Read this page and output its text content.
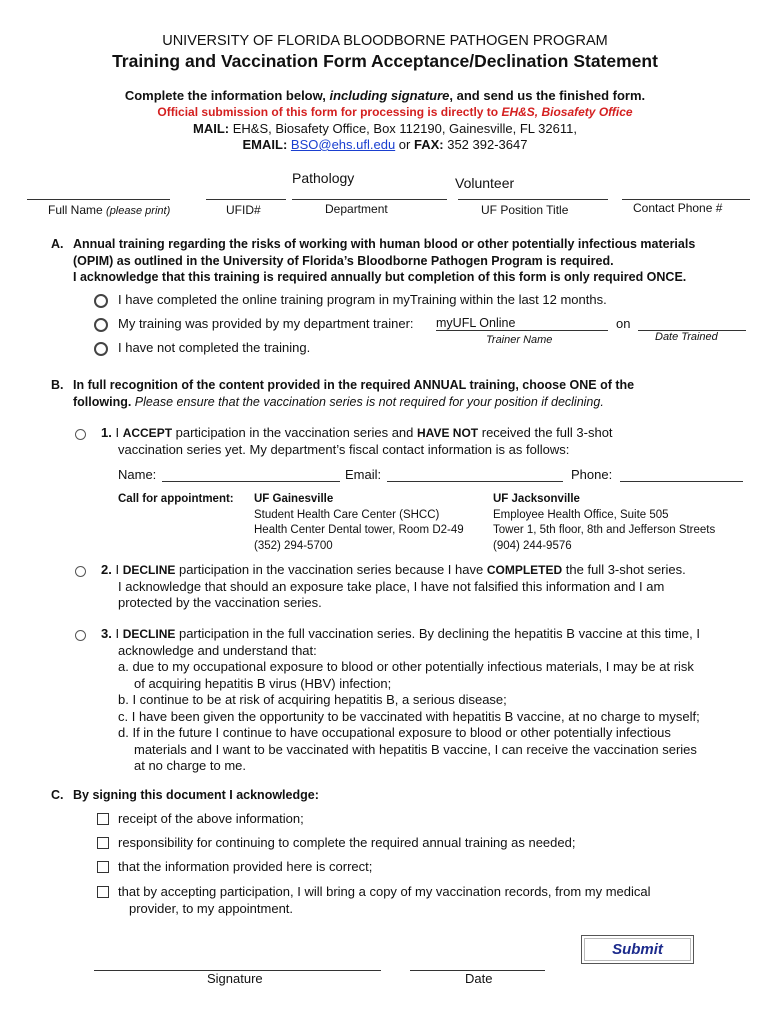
UNIVERSITY OF FLORIDA BLOODBORNE PATHOGEN PROGRAM
Training and Vaccination Form Acceptance/Declination Statement
Complete the information below, including signature, and send us the finished form.
Official submission of this form for processing is directly to EH&S, Biosafety Office
MAIL: EH&S, Biosafety Office, Box 112190, Gainesville, FL 32611,
EMAIL: BSO@ehs.ufl.edu or FAX: 352 392-3647
Full Name (please print)	UFID#
Pathology
Department
Volunteer
UF Position Title	Contact Phone #
A. Annual training regarding the risks of working with human blood or other potentially infectious materials
(OPIM) as outlined in the University of Florida’s Bloodborne Pathogen Program is required.
I acknowledge that this training is required annually but completion of this form is only required ONCE.
I have completed the online training program in myTraining within the last 12 months.
My training was provided by my department trainer: myUFL Online
Trainer Name
on
Date Trained
I have not completed the training.
B. In full recognition of the content provided in the required ANNUAL training, choose ONE of the
following. Please ensure that the vaccination series is not required for your position if declining.
1. I ACCEPT participation in the vaccination series and HAVE NOT received the full 3-shot
vaccination series yet. My department’s fiscal contact information is as follows:
Name:	Email:	Phone:
Call for appointment: UF Gainesville
Student Health Care Center (SHCC)
Health Center Dental tower, Room D2-49
(352) 294-5700
UF Jacksonville
Employee Health Office, Suite 505
Tower 1, 5th floor, 8th and Jefferson Streets
(904) 244-9576
2. I DECLINE participation in the vaccination series because I have COMPLETED the full 3-shot series.
I acknowledge that should an exposure take place, I have not falsified this information and I am
protected by the vaccination series.
3. I DECLINE participation in the full vaccination series. By declining the hepatitis B vaccine at this time, I
acknowledge and understand that:
a. due to my occupational exposure to blood or other potentially infectious materials, I may be at risk
of acquiring hepatitis B virus (HBV) infection;
b. I continue to be at risk of acquiring hepatitis B, a serious disease;
c. I have been given the opportunity to be vaccinated with hepatitis B vaccine, at no charge to myself;
d. If in the future I continue to have occupational exposure to blood or other potentially infectious
materials and I want to be vaccinated with hepatitis B vaccine, I can receive the vaccination series
at no charge to me.
C. By signing this document I acknowledge:
receipt of the above information;
responsibility for continuing to complete the required annual training as needed;
that the information provided here is correct;
that by accepting participation, I will bring a copy of my vaccination records, from my medical
provider, to my appointment.
Submit
Signature	Date
